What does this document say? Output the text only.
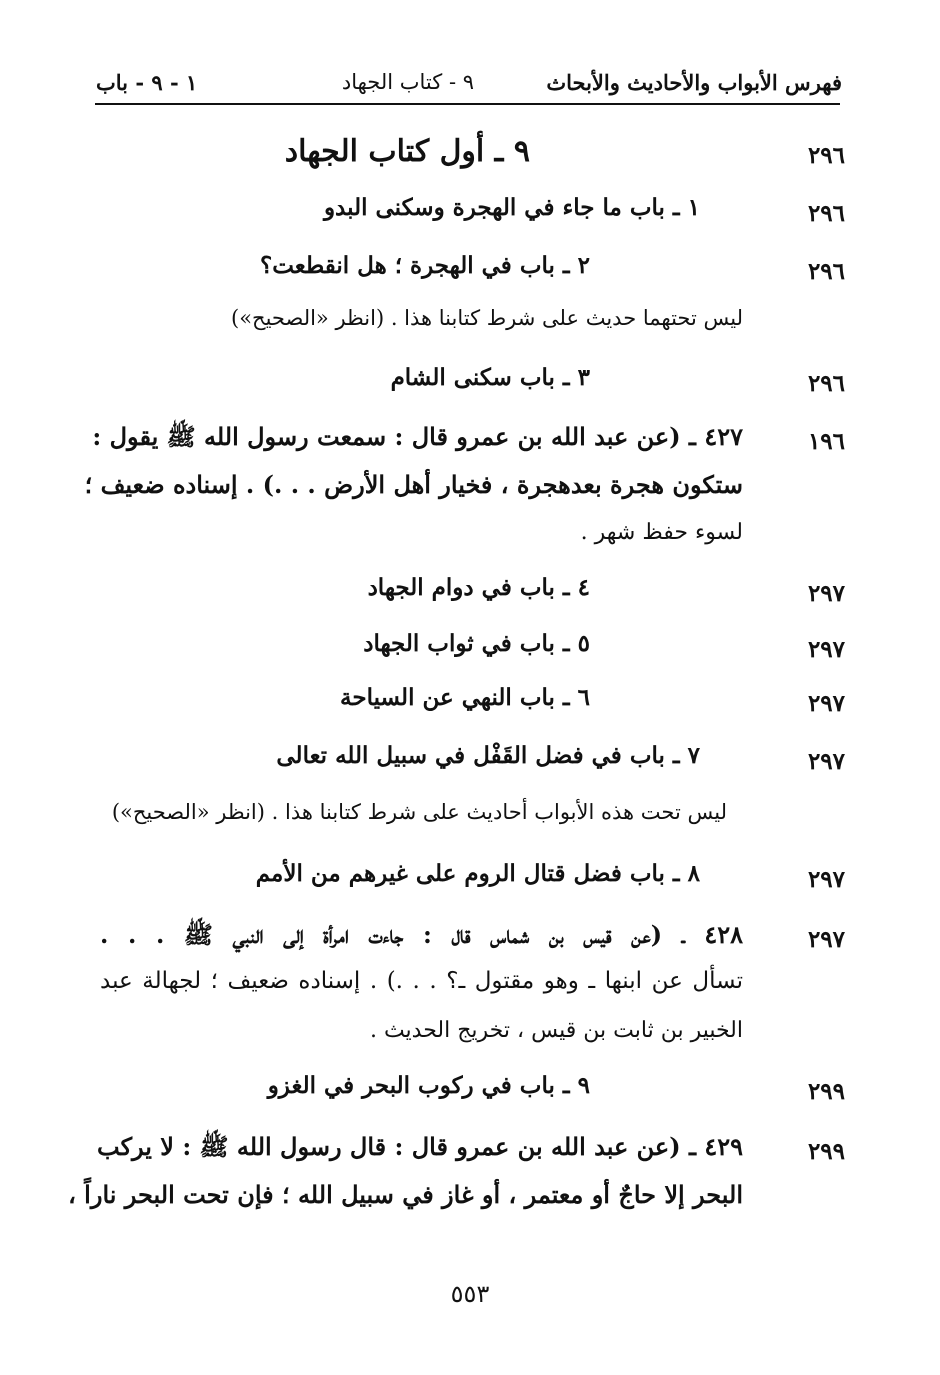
فهرس الأبواب والأحاديث والأبحاث
٩ - كتاب الجهاد
١ - ٩ - باب
٢٩٦
٩ ـ أول كتاب الجهاد
٢٩٦
١ ـ باب ما جاء في الهجرة وسكنى البدو
٢٩٦
٢ ـ باب في الهجرة ؛ هل انقطعت؟
ليس تحتهما حديث على شرط كتابنا هذا . (انظر «الصحيح»)
٢٩٦
٣ ـ باب سكنى الشام
١٩٦
٤٢٧ ـ (عن عبد الله بن عمرو قال : سمعت رسول الله ﷺ يقول :
ستكون هجرة بعدهجرة ، فخيار أهل الأرض . . .) . إسناده ضعيف ؛
لسوء حفظ شهر .
٢٩٧
٤ ـ باب في دوام الجهاد
٢٩٧
٥ ـ باب في ثواب الجهاد
٢٩٧
٦ ـ باب النهي عن السياحة
٢٩٧
٧ ـ باب في فضل القَفْل في سبيل الله تعالى
ليس تحت هذه الأبواب أحاديث على شرط كتابنا هذا . (انظر «الصحيح»)
٢٩٧
٨ ـ باب فضل قتال الروم على غيرهم من الأمم
٢٩٧
٤٢٨ ـ (عن قيس بن شماس قال : جاءت امرأة إلى النبي ﷺ . . .
تسأل عن ابنها ـ وهو مقتول ـ؟ . . .) . إسناده ضعيف ؛ لجهالة عبد
الخبير بن ثابت بن قيس ، تخريج الحديث .
٢٩٩
٩ ـ باب في ركوب البحر في الغزو
٢٩٩
٤٢٩ ـ (عن عبد الله بن عمرو قال : قال رسول الله ﷺ : لا يركب
البحر إلا حاجٌ أو معتمر ، أو غاز في سبيل الله ؛ فإن تحت البحر ناراً ،
٥٥٣
